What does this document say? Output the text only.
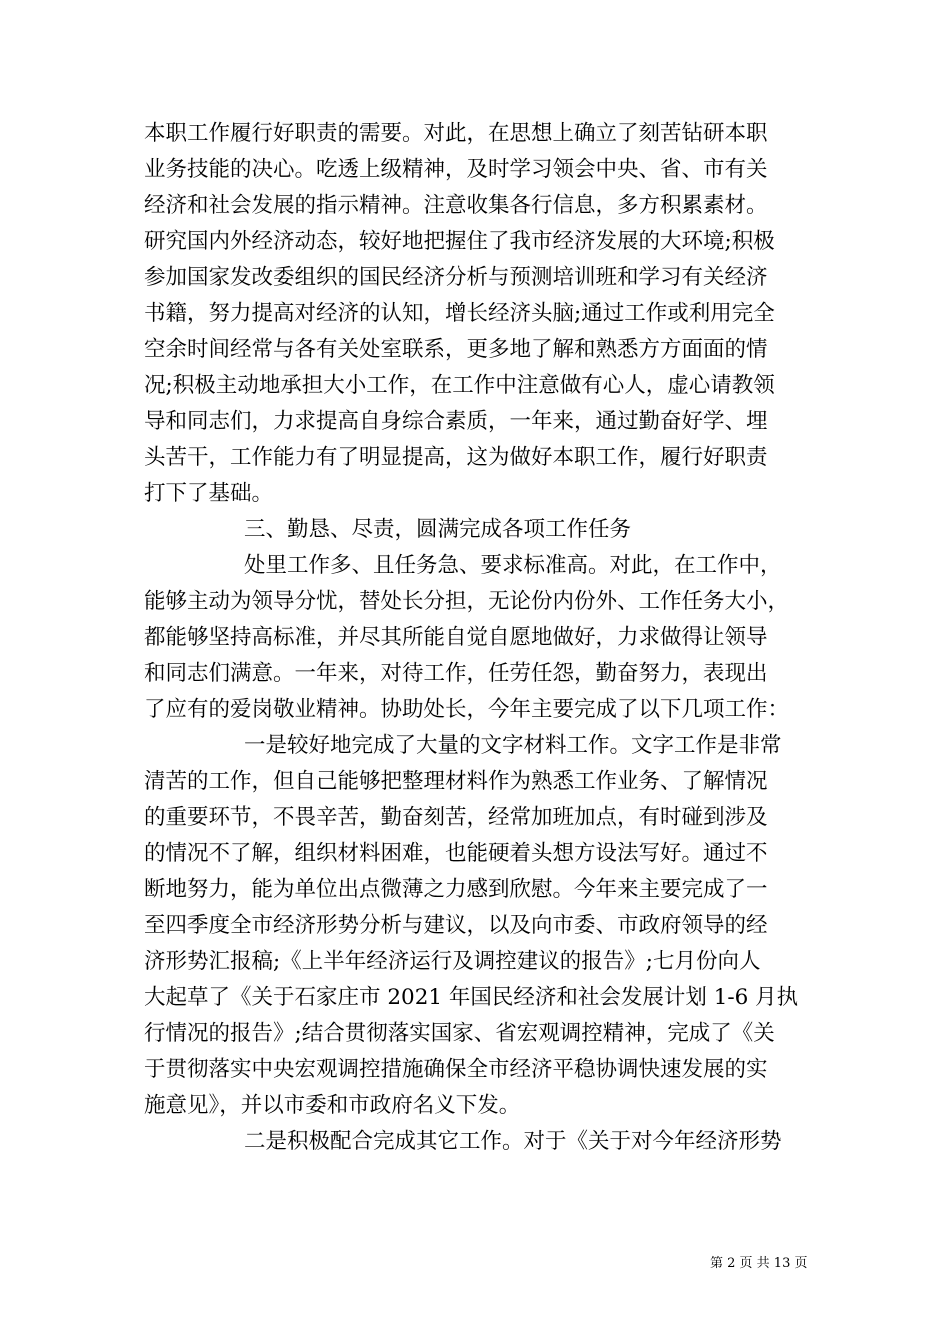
本职工作履行好职责的需要。对此，在思想上确立了刻苦钻研本职
业务技能的决心。吃透上级精神，及时学习领会中央、省、市有关
经济和社会发展的指示精神。注意收集各行信息，多方积累素材。
研究国内外经济动态，较好地把握住了我市经济发展的大环境;积极
参加国家发改委组织的国民经济分析与预测培训班和学习有关经济
书籍，努力提高对经济的认知，增长经济头脑;通过工作或利用完全
空余时间经常与各有关处室联系，更多地了解和熟悉方方面面的情
况;积极主动地承担大小工作，在工作中注意做有心人，虚心请教领
导和同志们，力求提高自身综合素质，一年来，通过勤奋好学、埋
头苦干，工作能力有了明显提高，这为做好本职工作，履行好职责
打下了基础。
三、勤恳、尽责，圆满完成各项工作任务
处里工作多、且任务急、要求标准高。对此，在工作中，
能够主动为领导分忧，替处长分担，无论份内份外、工作任务大小，
都能够坚持高标准，并尽其所能自觉自愿地做好，力求做得让领导
和同志们满意。一年来，对待工作，任劳任怨，勤奋努力，表现出
了应有的爱岗敬业精神。协助处长，今年主要完成了以下几项工作：
一是较好地完成了大量的文字材料工作。文字工作是非常
清苦的工作，但自己能够把整理材料作为熟悉工作业务、了解情况
的重要环节，不畏辛苦，勤奋刻苦，经常加班加点，有时碰到涉及
的情况不了解，组织材料困难，也能硬着头想方设法写好。通过不
断地努力，能为单位出点微薄之力感到欣慰。今年来主要完成了一
至四季度全市经济形势分析与建议，以及向市委、市政府领导的经
济形势汇报稿;《上半年经济运行及调控建议的报告》;七月份向人
大起草了《关于石家庄市 2021 年国民经济和社会发展计划 1-6 月执
行情况的报告》;结合贯彻落实国家、省宏观调控精神，完成了《关
于贯彻落实中央宏观调控措施确保全市经济平稳协调快速发展的实
施意见》，并以市委和市政府名义下发。
二是积极配合完成其它工作。对于《关于对今年经济形势
第 2 页 共 13 页
